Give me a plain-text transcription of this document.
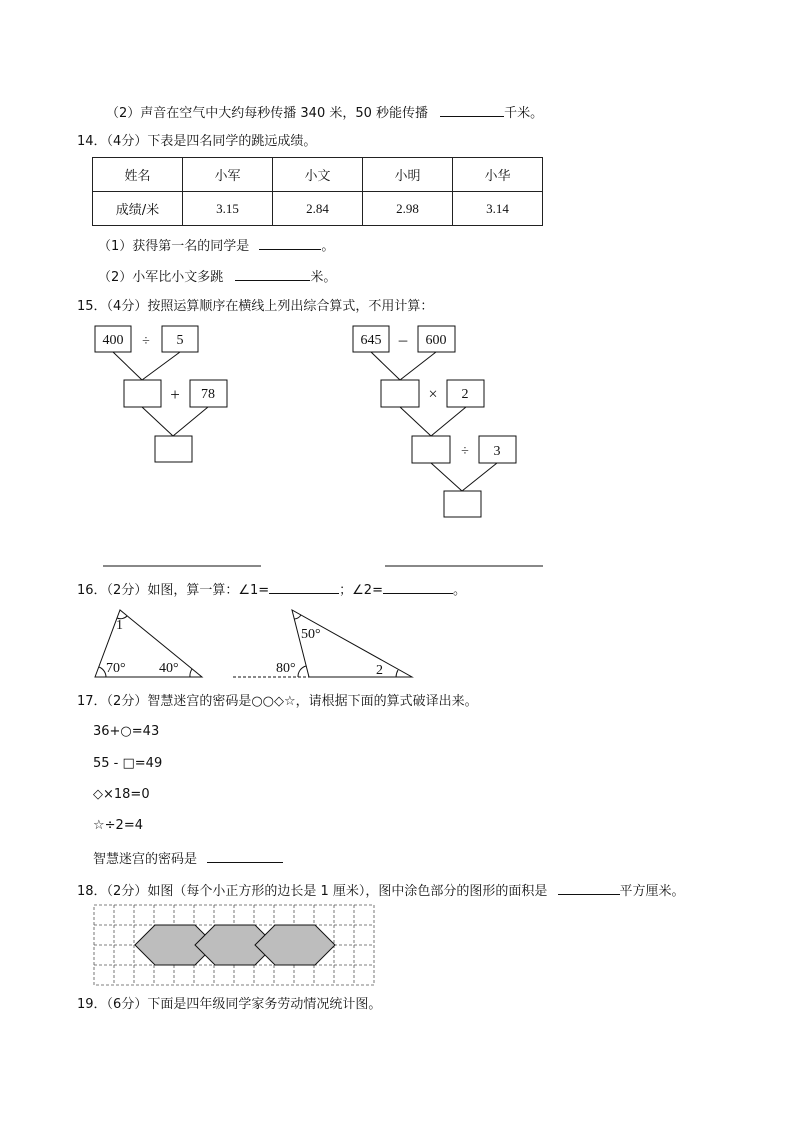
（2）声音在空气中大约每秒传播 340 米，50 秒能传播	千米。
14．（4分）下表是四名同学的跳远成绩。
姓名	小军	小文	小明	小华
成绩/米	3.15	2.84	2.98	3.14
（1）获得第一名的同学是	。
（2）小军比小文多跳	米。
15．（4分）按照运算顺序在横线上列出综合算式，不用计算：
400 ÷ 5
+ 78
645 – 600
× 2
÷ 3
16．（2分）如图，算一算：∠1=	；∠2=	。
1
70° 40°
50°
80°	2
17．（2分）智慧迷宫的密码是○○◇☆，请根据下面的算式破译出来。
36+○=43
55 - □=49
◇×18=0
☆÷2=4
智慧迷宫的密码是
18．（2分）如图（每个小正方形的边长是 1 厘米），图中涂色部分的图形的面积是	平方厘米。
19．（6分）下面是四年级同学家务劳动情况统计图。
